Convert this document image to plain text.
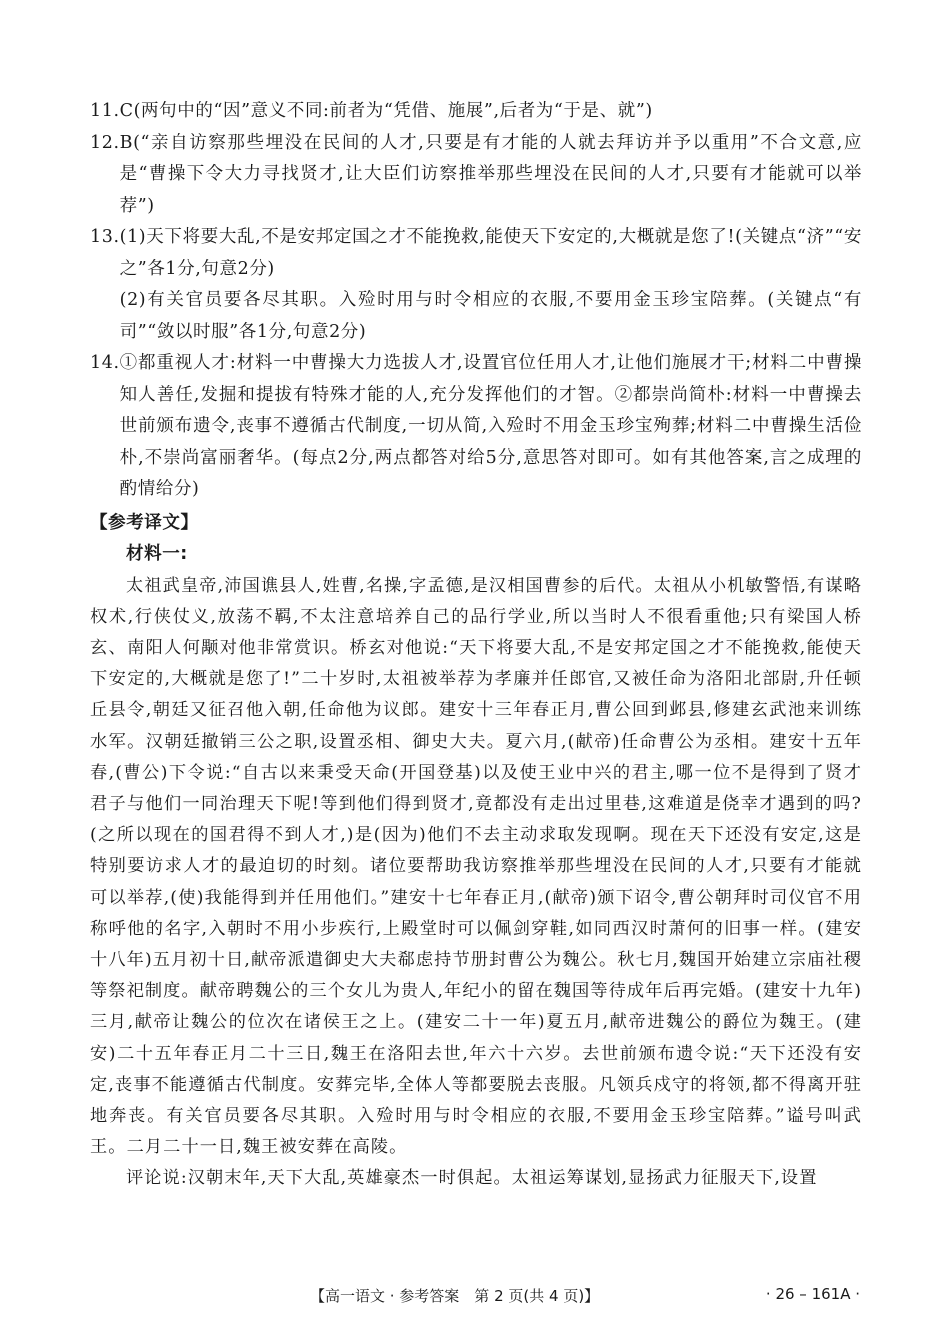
11. C(两句中的“因”意义不同:前者为“凭借、施展”,后者为“于是、就”)
12. B(“亲自访察那些埋没在民间的人才,只要是有才能的人就去拜访并予以重用”不合文意,应是“曹操下令大力寻找贤才,让大臣们访察推举那些埋没在民间的人才,只要有才能就可以举荐”)
13. (1)天下将要大乱,不是安邦定国之才不能挽救,能使天下安定的,大概就是您了!(关键点“济”“安之”各1分,句意2分)
(2)有关官员要各尽其职。入殓时用与时令相应的衣服,不要用金玉珍宝陪葬。(关键点“有司”“敛以时服”各1分,句意2分)
14. ①都重视人才:材料一中曹操大力选拔人才,设置官位任用人才,让他们施展才干;材料二中曹操知人善任,发掘和提拔有特殊才能的人,充分发挥他们的才智。②都崇尚简朴:材料一中曹操去世前颁布遗令,丧事不遵循古代制度,一切从简,入殓时不用金玉珍宝殉葬;材料二中曹操生活俭朴,不崇尚富丽奢华。(每点2分,两点都答对给5分,意思答对即可。如有其他答案,言之成理的酌情给分)
【参考译文】
材料一:
太祖武皇帝,沛国谯县人,姓曹,名操,字孟德,是汉相国曹参的后代。太祖从小机敏警悟,有谋略权术,行侠仗义,放荡不羁,不太注意培养自己的品行学业,所以当时人不很看重他;只有梁国人桥玄、南阳人何颙对他非常赏识。桥玄对他说:“天下将要大乱,不是安邦定国之才不能挽救,能使天下安定的,大概就是您了!”二十岁时,太祖被举荐为孝廉并任郎官,又被任命为洛阳北部尉,升任顿丘县令,朝廷又征召他入朝,任命他为议郎。建安十三年春正月,曹公回到邺县,修建玄武池来训练水军。汉朝廷撤销三公之职,设置丞相、御史大夫。夏六月,(献帝)任命曹公为丞相。建安十五年春,(曹公)下令说:“自古以来秉受天命(开国登基)以及使王业中兴的君主,哪一位不是得到了贤才君子与他们一同治理天下呢!等到他们得到贤才,竟都没有走出过里巷,这难道是侥幸才遇到的吗?(之所以现在的国君得不到人才,)是(因为)他们不去主动求取发现啊。现在天下还没有安定,这是特别要访求人才的最迫切的时刻。诸位要帮助我访察推举那些埋没在民间的人才,只要有才能就可以举荐,(使)我能得到并任用他们。”建安十七年春正月,(献帝)颁下诏令,曹公朝拜时司仪官不用称呼他的名字,入朝时不用小步疾行,上殿堂时可以佩剑穿鞋,如同西汉时萧何的旧事一样。(建安十八年)五月初十日,献帝派遣御史大夫郗虑持节册封曹公为魏公。秋七月,魏国开始建立宗庙社稷等祭祀制度。献帝聘魏公的三个女儿为贵人,年纪小的留在魏国等待成年后再完婚。(建安十九年)三月,献帝让魏公的位次在诸侯王之上。(建安二十一年)夏五月,献帝进魏公的爵位为魏王。(建安)二十五年春正月二十三日,魏王在洛阳去世,年六十六岁。去世前颁布遗令说:“天下还没有安定,丧事不能遵循古代制度。安葬完毕,全体人等都要脱去丧服。凡领兵戍守的将领,都不得离开驻地奔丧。有关官员要各尽其职。入殓时用与时令相应的衣服,不要用金玉珍宝陪葬。”谥号叫武王。二月二十一日,魏王被安葬在高陵。
评论说:汉朝末年,天下大乱,英雄豪杰一时俱起。太祖运筹谋划,显扬武力征服天下,设置
【高一语文 · 参考答案　第 2 页(共 4 页)】	· 26 – 161A ·
